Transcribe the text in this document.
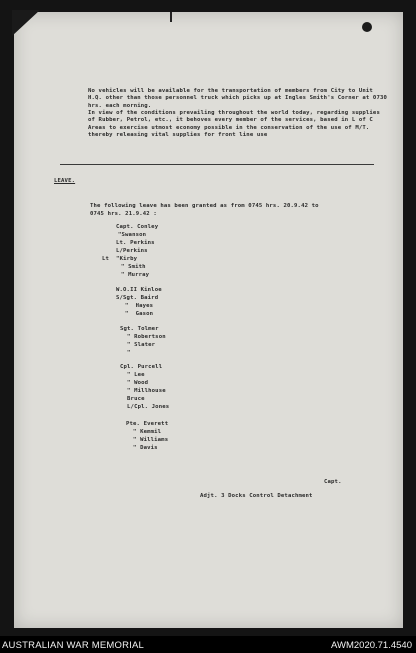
No vehicles will be available for the transportation of members from City to Unit H.Q. other than those personnel truck which picks up at Ingles Smith's Corner at 0730 hrs. each morning.
In view of the conditions prevailing throughout the world today, regarding supplies of Rubber, Petrol, etc., it behoves every member of the services, based in L of C Areas to exercise utmost economy possible in the conservation of the use of M/T. thereby releasing vital supplies for front line use
LEAVE.
The following leave has been granted as from 0745 hrs. 20.9.42 to
0745 hrs. 21.9.42 :
Capt. Conley
"Swanson
Lt. Perkins
L/Perkins
Lt  "Kirby
" Smith
" Murray
W.O.II Kinloe
S/Sgt. Baird
"  Hayes
"  Gason
Sgt. Tolmer
" Robertson
" Slater
"
Cpl. Purcell
" Lee
" Wood
" Millhouse
Bruce
L/Cpl. Jones
Pte. Everett
" Kemmil
" Williams
" Davis
Capt.
Adjt. 3 Docks Control Detachment
AUSTRALIAN WAR MEMORIAL	AWM2020.71.4540
